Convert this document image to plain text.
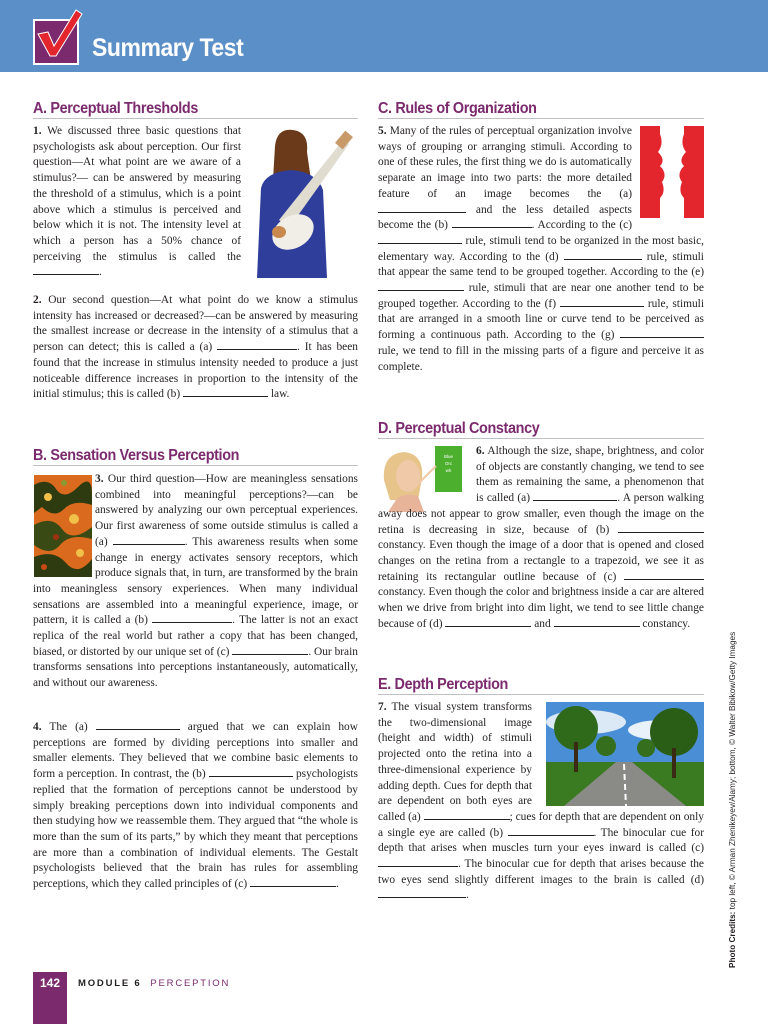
Summary Test
A. Perceptual Thresholds
1. We discussed three basic questions that psychologists ask about perception. Our first question—At what point are we aware of a stimulus?— can be answered by measuring the threshold of a stimulus, which is a point above which a stimulus is perceived and below which it is not. The intensity level at which a person has a 50% chance of perceiving the stimulus is called the .
2. Our second question—At what point do we know a stimulus intensity has increased or decreased?—can be answered by measuring the smallest increase or decrease in the intensity of a stimulus that a person can detect; this is called a (a)	. It has been found that the increase in stimulus intensity needed to produce a just noticeable difference increases in proportion to the intensity of the initial stimulus; this is called (b)	law.
B. Sensation Versus Perception
3. Our third question—How are meaningless sensations combined into meaningful perceptions?—can be answered by analyzing our own perceptual experiences. Our first awareness of some outside stimulus is called a (a)	. This awareness results when some change in energy activates sensory receptors, which produce signals that, in turn, are transformed by the brain into meaningless sensory experiences. When many individual sensations are assembled into a meaningful experience, image, or pattern, it is called a (b)	. The latter is not an exact replica of the real world but rather a copy that has been changed, biased, or distorted by our unique set of (c)	. Our brain transforms sensations into perceptions instantaneously, automatically, and without our awareness.
4. The (a)	argued that we can explain how perceptions are formed by dividing perceptions into smaller and smaller elements. They believed that we combine basic elements to form a perception. In contrast, the (b)	psychologists replied that the formation of perceptions cannot be understood by simply breaking perceptions down into individual components and then studying how we reassemble them. They argued that “the whole is more than the sum of its parts,” by which they meant that perceptions are more than a combination of individual elements. The Gestalt psychologists believed that the brain has rules for assembling perceptions, which they called principles of (c)	.
C. Rules of Organization
5. Many of the rules of perceptual organization involve ways of grouping or arranging stimuli. According to one of these rules, the first thing we do is automatically separate an image into two parts: the more detailed feature of an image becomes the (a)  and the less detailed aspects become the (b)	. According to the (c)  rule, stimuli tend to be organized in the most basic, elementary way. According to the (d)	rule, stimuli that appear the same tend to be grouped together. According to the (e)  rule, stimuli that are near one another tend to be grouped together. According to the (f)	rule, stimuli that are arranged in a smooth line or curve tend to be perceived as forming a continuous path. According to the (g)  rule, we tend to fill in the missing parts of a figure and perceive it as complete.
D. Perceptual Constancy
Blue
Orc
wh
6. Although the size, shape, brightness, and color of objects are constantly changing, we tend to see them as remaining the same, a phenomenon that is called (a)	. A person walking away does not appear to grow smaller, even though the image on the retina is decreasing in size, because of (b)  constancy. Even though the image of a door that is opened and closed changes on the retina from a rectangle to a trapezoid, we see it as retaining its rectangular outline because of (c)  constancy. Even though the color and brightness inside a car are altered when we drive from bright into dim light, we tend to see little change because of (d)	and	constancy.
E. Depth Perception
7. The visual system transforms the two-dimensional image (height and width) of stimuli projected onto the retina into a three-dimensional experience by adding depth. Cues for depth that are dependent on both eyes are called (a)	; cues for depth that are dependent on only a single eye are called (b)	. The binocular cue for depth that arises when muscles turn your eyes inward is called (c) . The binocular cue for depth that arises because the two eyes send slightly different images to the brain is called (d) .
Photo Credits: top left, © Arman Zhenikeyev/Alamy; bottom, © Walter Bibikow/Getty Images
142	MODULE 6 PERCEPTION
